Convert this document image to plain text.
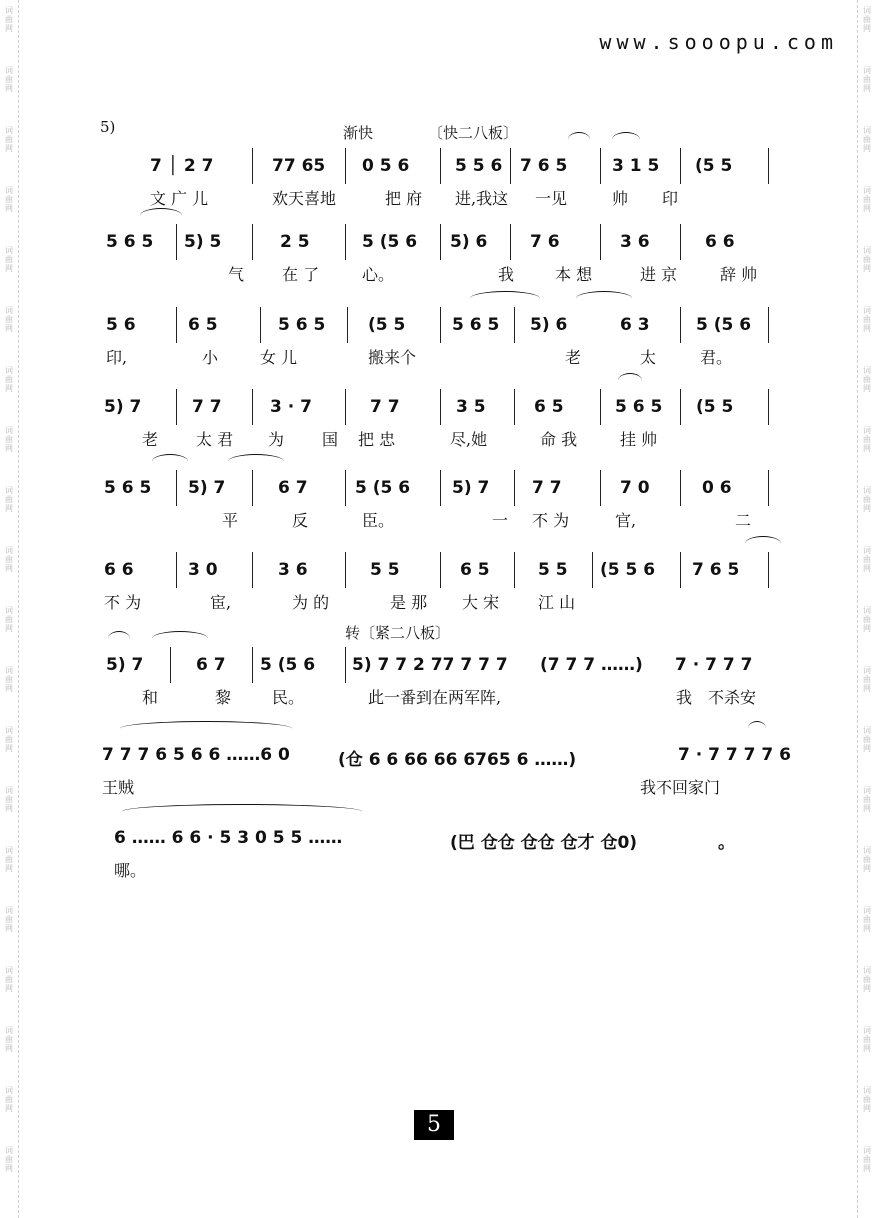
词
曲
网
词
曲
网
词
曲
网
词
曲
网
词
曲
网
词
曲
网
词
曲
网
词
曲
网
词
曲
网
词
曲
网
词
曲
网
词
曲
网
词
曲
网
词
曲
网
词
曲
网
词
曲
网
词
曲
网
词
曲
网
词
曲
网
词
曲
网
词
曲
网
词
曲
网
词
曲
网
词
曲
网
词
曲
网
词
曲
网
词
曲
网
词
曲
网
词
曲
网
词
曲
网
词
曲
网
词
曲
网
词
曲
网
词
曲
网
词
曲
网
词
曲
网
词
曲
网
词
曲
网
词
曲
网
词
曲
网
www.sooopu.com
5)	渐快	〔快二八板〕
转〔紧二八板〕
7 │ 2 7	77 65 0 5 6	5 5 6 7 6 5	3 1 5 (5 5
文 广 儿	欢天喜地	把 府 进,我这 一见	帅 印
5 6 5 5) 5	2 5	5 (5 6 5) 6	7 6	3 6	6 6
气 在 了	心。	我	本 想	进 京	辞 帅
5 6	6 5	5 6 5	(5 5	5 6 5 5) 6	6 3	5 (5 6
印,	小	女 儿	搬来个	老	太	君。
5) 7	7 7	3 · 7	7 7	3 5	6 5	5 6 5 (5 5
老 太 君 为 国 把 忠	尽,她	命 我	挂 帅
5 6 5 5) 7	6 7	5 (5 6 5) 7	7 7	7 0	0 6
平	反	臣。	一 不 为	官,	二
6 6	3 0	3 6	5 5	6 5	5 5 (5 5 6 7 6 5
不 为	宦,	为 的	是 那 大 宋 江 山
5) 7	6 7 5 (5 6 5) 7 7 2 77 7 7 7 (7 7 7 ……) 7 · 7 7 7
和	黎	民。	此一番到在两军阵,	我 不杀安
7 7 7 6 5 6 6 ……6 0	(仓 6 6 66 66 6765 6 ……)	7 · 7 7 7 7 6
王贼	我不回家门
6 …… 6 6 · 5 3 0 5 5 ……	(巴 仓仓 仓仓 仓才 仓0)	。
哪。
5
